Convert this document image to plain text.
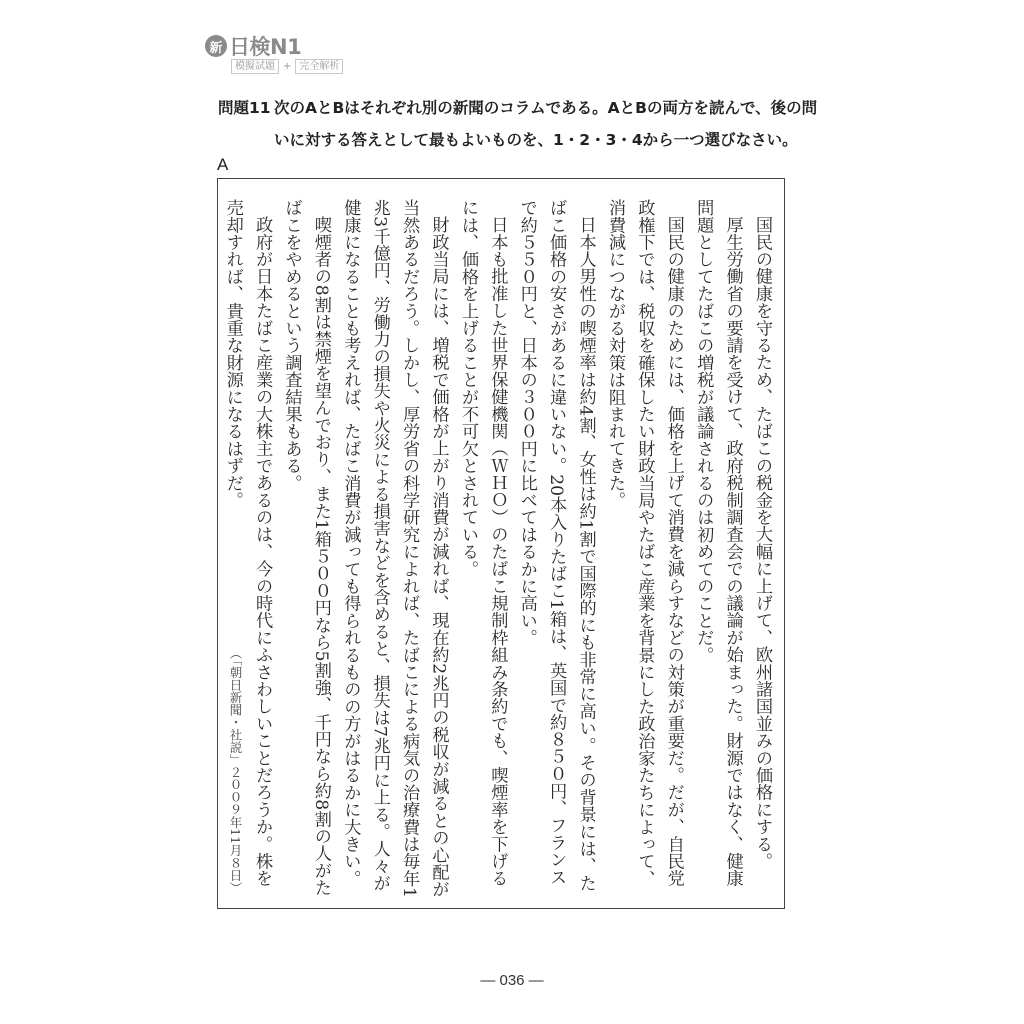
新 日検N1
模擬試題 + 完全解析
問題11 次のAとBはそれぞれ別の新聞のコラムである。AとBの両方を読んで、後の問
いに対する答えとして最もよいものを、1・2・3・4から一つ選びなさい。
A

国民の健康を守るため、たばこの税金を大幅に上げて、欧州諸国並みの価格にする。

厚生労働省の要請を受けて、政府税制調査会での議論が始まった。財源ではなく、健康問題としてたばこの増税が議論されるのは初めてのことだ。

国民の健康のためには、価格を上げて消費を減らすなどの対策が重要だ。だが、自民党政権下では、税収を確保したい財政当局やたばこ産業を背景にした政治家たちによって、消費減につながる対策は阻まれてきた。

日本人男性の喫煙率は約4割、女性は約1割で国際的にも非常に高い。その背景には、たばこ価格の安さがあるに違いない。20本入りたばこ1箱は、英国で約８５０円、フランスで約５５０円と、日本の３００円に比べてはるかに高い。

日本も批准した世界保健機関（ＷＨＯ）のたばこ規制枠組み条約でも、喫煙率を下げるには、価格を上げることが不可欠とされている。

財政当局には、増税で価格が上がり消費が減れば、現在約2兆円の税収が減るとの心配が当然あるだろう。しかし、厚労省の科学研究によれば、たばこによる病気の治療費は毎年1兆3千億円、労働力の損失や火災による損害などを含めると、損失は7兆円に上る。人々が健康になることも考えれば、たばこ消費が減っても得られるものの方がはるかに大きい。

喫煙者の8割は禁煙を望んでおり、また1箱５００円なら5割強、千円なら約8割の人がたばこをやめるという調査結果もある。

政府が日本たばこ産業の大株主であるのは、今の時代にふさわしいことだろうか。株を売却すれば、貴重な財源になるはずだ。

（「朝日新聞・社説」２００９年11月８日）
— 036 —
